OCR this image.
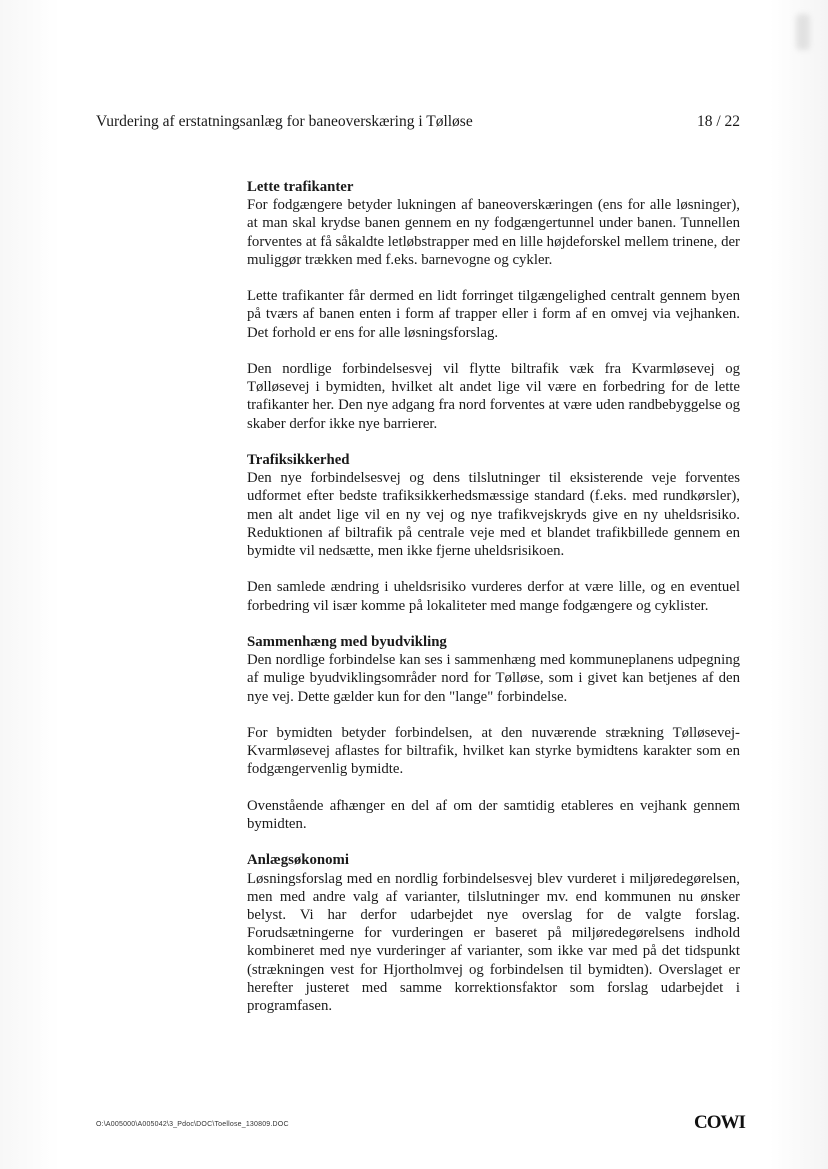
Vurdering af erstatningsanlæg for baneoverskæring i Tølløse	18 / 22
Lette trafikanter

For fodgængere betyder lukningen af baneoverskæringen (ens for alle løsninger), at man skal krydse banen gennem en ny fodgængertunnel under banen. Tunnellen forventes at få såkaldte letløbstrapper med en lille højdeforskel mellem trinene, der muliggør trækken med f.eks. barnevogne og cykler.

Lette trafikanter får dermed en lidt forringet tilgængelighed centralt gennem byen på tværs af banen enten i form af trapper eller i form af en omvej via vejhanken. Det forhold er ens for alle løsningsforslag.

Den nordlige forbindelsesvej vil flytte biltrafik væk fra Kvarmløsevej og Tølløsevej i bymidten, hvilket alt andet lige vil være en forbedring for de lette trafikanter her. Den nye adgang fra nord forventes at være uden randbebyggelse og skaber derfor ikke nye barrierer.

Trafiksikkerhed

Den nye forbindelsesvej og dens tilslutninger til eksisterende veje forventes udformet efter bedste trafiksikkerhedsmæssige standard (f.eks. med rundkørsler), men alt andet lige vil en ny vej og nye trafikvejskryds give en ny uheldsrisiko. Reduktionen af biltrafik på centrale veje med et blandet trafikbillede gennem en bymidte vil nedsætte, men ikke fjerne uheldsrisikoen.

Den samlede ændring i uheldsrisiko vurderes derfor at være lille, og en eventuel forbedring vil især komme på lokaliteter med mange fodgængere og cyklister.

Sammenhæng med byudvikling

Den nordlige forbindelse kan ses i sammenhæng med kommuneplanens udpegning af mulige byudviklingsområder nord for Tølløse, som i givet kan betjenes af den nye vej. Dette gælder kun for den "lange" forbindelse.

For bymidten betyder forbindelsen, at den nuværende strækning Tølløsevej-Kvarmløsevej aflastes for biltrafik, hvilket kan styrke bymidtens karakter som en fodgængervenlig bymidte.

Ovenstående afhænger en del af om der samtidig etableres en vejhank gennem bymidten.

Anlægsøkonomi

Løsningsforslag med en nordlig forbindelsesvej blev vurderet i miljøredegørelsen, men med andre valg af varianter, tilslutninger mv. end kommunen nu ønsker belyst. Vi har derfor udarbejdet nye overslag for de valgte forslag. Forudsætningerne for vurderingen er baseret på miljøredegørelsens indhold kombineret med nye vurderinger af varianter, som ikke var med på det tidspunkt (strækningen vest for Hjortholmvej og forbindelsen til bymidten). Overslaget er herefter justeret med samme korrektionsfaktor som forslag udarbejdet i programfasen.

O:\A005000\A005042\3_Pdoc\DOC\Toellose_130809.DOC	COWI
